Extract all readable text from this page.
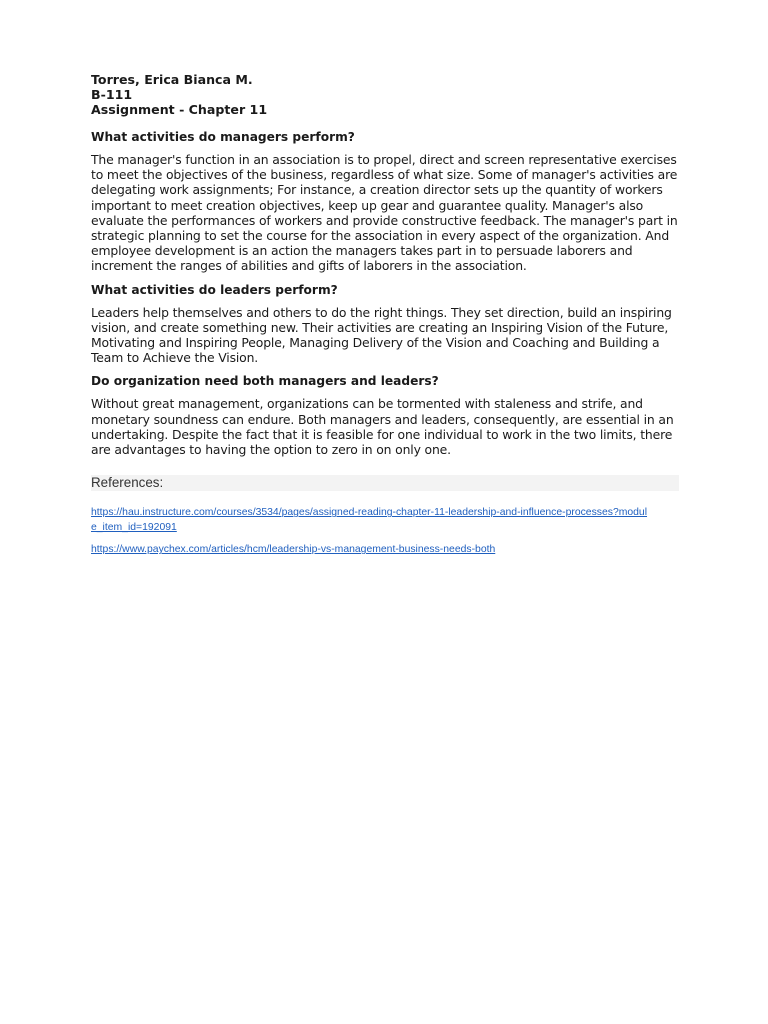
Torres, Erica Bianca M.

B-111

Assignment - Chapter 11

What activities do managers perform?

The manager's function in an association is to propel, direct and screen representative exercises to meet the objectives of the business, regardless of what size. Some of manager's activities are delegating work assignments; For instance, a creation director sets up the quantity of workers important to meet creation objectives, keep up gear and guarantee quality. Manager's also evaluate the performances of workers and provide constructive feedback. The manager's part in strategic planning to set the course for the association in every aspect of the organization. And employee development is an action the managers takes part in to persuade laborers and increment the ranges of abilities and gifts of laborers in the association.

What activities do leaders perform?

Leaders help themselves and others to do the right things. They set direction, build an inspiring vision, and create something new. Their activities are creating an Inspiring Vision of the Future, Motivating and Inspiring People, Managing Delivery of the Vision and Coaching and Building a Team to Achieve the Vision.

Do organization need both managers and leaders?

Without great management, organizations can be tormented with staleness and strife, and monetary soundness can endure. Both managers and leaders, consequently, are essential in an undertaking. Despite the fact that it is feasible for one individual to work in the two limits, there are advantages to having the option to zero in on only one.

References:
https://hau.instructure.com/courses/3534/pages/assigned-reading-chapter-11-leadership-and-influence-processes?module_item_id=192091
https://www.paychex.com/articles/hcm/leadership-vs-management-business-needs-both
